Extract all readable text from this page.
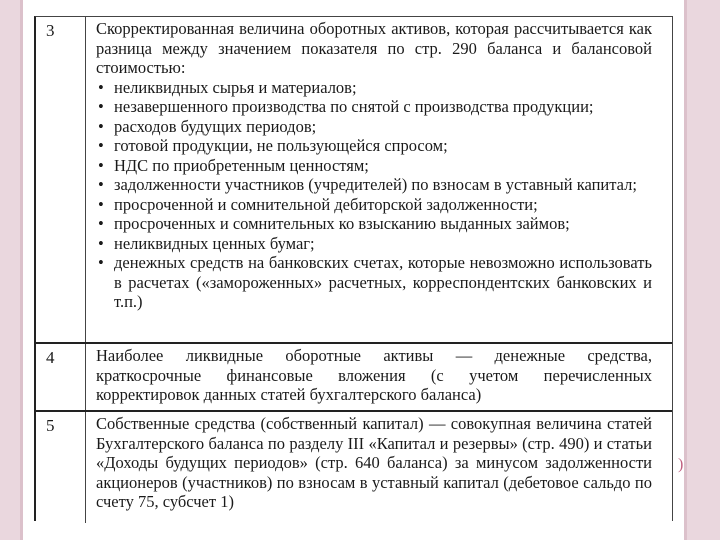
)
3	Скорректированная величина оборотных активов, которая рассчитывается как разница между значением показателя по стр. 290 баланса и балансовой стоимостью:

• неликвидных сырья и материалов;
• незавершенного производства по снятой с производства продукции;
• расходов будущих периодов;
• готовой продукции, не пользующейся спросом;
• НДС по приобретенным ценностям;
• задолженности участников (учредителей) по взносам в уставный капитал;
• просроченной и сомнительной дебиторской задолженности;
• просроченных и сомнительных ко взысканию выданных займов;
• неликвидных ценных бумаг;
• денежных средств на банковских счетах, которые невозможно использовать в расчетах («замороженных» расчетных, корреспондентских банковских и т.п.)
4	Наиболее ликвидные оборотные активы — денежные средства, краткосрочные финансовые вложения (с учетом перечисленных корректировок данных статей бухгалтерского баланса)

5	Собственные средства (собственный капитал) — совокупная величина статей Бухгалтерского баланса по разделу III «Капитал и резервы» (стр. 490) и статьи «Доходы будущих периодов» (стр. 640 баланса) за минусом задолженности акционеров (участников) по взносам в уставный капитал (дебетовое сальдо по счету 75, субсчет 1)
